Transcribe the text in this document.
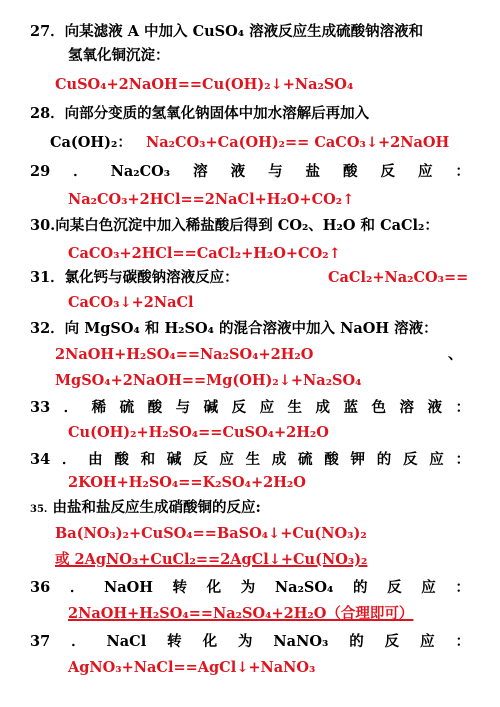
27．向某滤液 A 中加入 CuSO₄ 溶液反应生成硫酸钠溶液和
氢氧化铜沉淀：
CuSO₄+2NaOH==Cu(OH)₂↓+Na₂SO₄
28．向部分变质的氢氧化钠固体中加水溶解后再加入
Ca(OH)₂： Na₂CO₃+Ca(OH)₂== CaCO₃↓+2NaOH
29 ． Na₂CO₃ 溶 液 与 盐 酸 反 应 ：
Na₂CO₃+2HCl==2NaCl+H₂O+CO₂↑
30.向某白色沉淀中加入稀盐酸后得到 CO₂、H₂O 和 CaCl₂：
CaCO₃+2HCl==CaCl₂+H₂O+CO₂↑
31．氯化钙与碳酸钠溶液反应：	CaCl₂+Na₂CO₃==
CaCO₃↓+2NaCl
32．向 MgSO₄ 和 H₂SO₄ 的混合溶液中加入 NaOH 溶液：
2NaOH+H₂SO₄==Na₂SO₄+2H₂O	、
MgSO₄+2NaOH==Mg(OH)₂↓+Na₂SO₄
33 ． 稀 硫 酸 与 碱 反 应 生 成 蓝 色 溶 液 ：
Cu(OH)₂+H₂SO₄==CuSO₄+2H₂O
34 ． 由 酸 和 碱 反 应 生 成 硫 酸 钾 的 反 应 ：
2KOH+H₂SO₄==K₂SO₄+2H₂O
35. 由盐和盐反应生成硝酸铜的反应:
Ba(NO₃)₂+CuSO₄==BaSO₄↓+Cu(NO₃)₂
或 2AgNO₃+CuCl₂==2AgCl↓+Cu(NO₃)₂
36 ． NaOH 转 化 为 Na₂SO₄ 的 反 应 ：
2NaOH+H₂SO₄==Na₂SO₄+2H₂O（合理即可）
37 ． NaCl 转 化 为 NaNO₃ 的 反 应 ：
AgNO₃+NaCl==AgCl↓+NaNO₃
